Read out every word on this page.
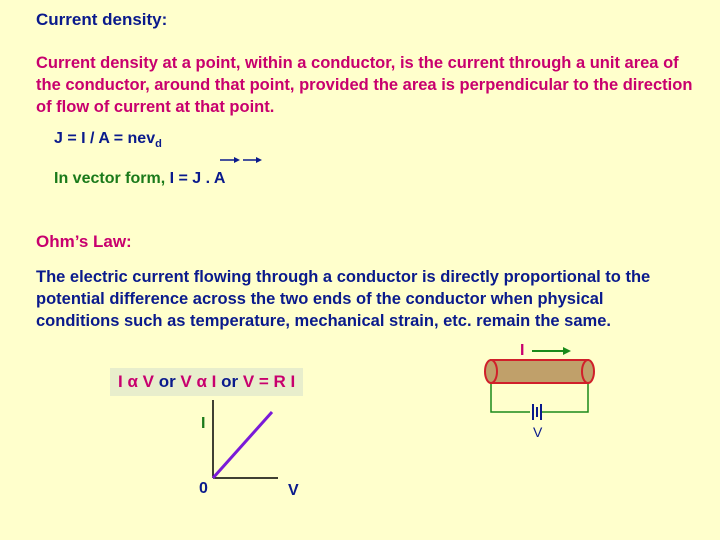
Current density:
Current density at a point, within a conductor, is the current through a unit area of the conductor, around that point, provided the area is perpendicular to the direction of flow of current at that point.
J = I / A = nev$_d$
In vector form, I = J . A
Ohm’s Law:
The electric current flowing through a conductor is directly proportional to the potential difference across the two ends of the conductor when physical conditions such as temperature, mechanical strain, etc. remain the same.
I α V or V α I or V = R I
I
0	V
I
V
